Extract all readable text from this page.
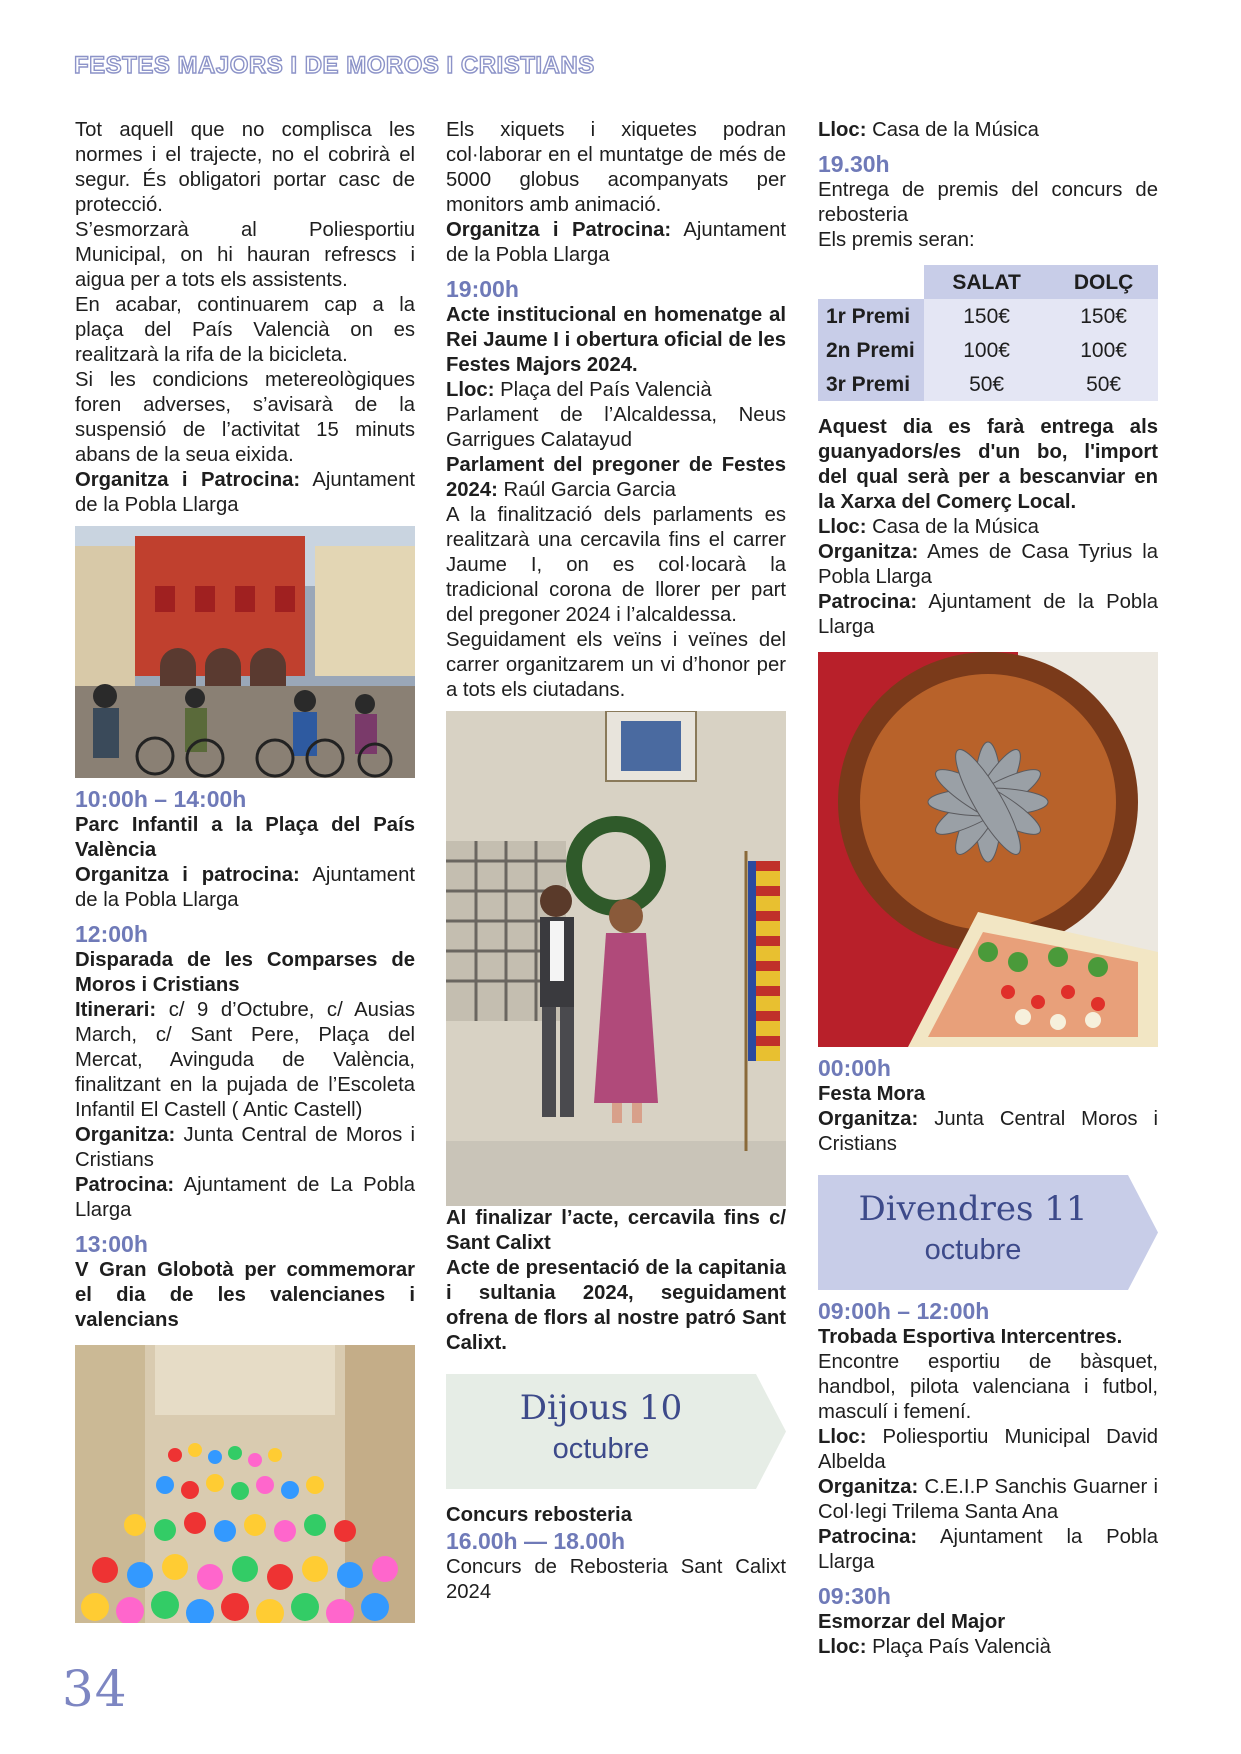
FESTES MAJORS I DE MOROS I CRISTIANS

Tot aquell que no complisca les normes i el trajecte, no el cobrirà el segur. És obligatori portar casc de protecció.

S’esmorzarà al Poliesportiu Municipal, on hi hauran refrescs i aigua per a tots els assistents.

En acabar, continuarem cap a la plaça del País Valencià on es realitzarà la rifa de la bicicleta.

Si les condicions metereològiques foren adverses, s’avisarà de la suspensió de l’activitat 15 minuts abans de la seua eixida.

Organitza i Patrocina: Ajuntament de la Pobla Llarga

10:00h – 14:00h

Parc Infantil a la Plaça del País València

Organitza i patrocina: Ajuntament de la Pobla Llarga

12:00h

Disparada de les Comparses de Moros i Cristians

Itinerari: c/ 9 d’Octubre, c/ Ausias March, c/ Sant Pere, Plaça del Mercat, Avinguda de València, finalitzant en la pujada de l’Escoleta Infantil El Castell ( Antic Castell)

Organitza: Junta Central de Moros i Cristians

Patrocina: Ajuntament de La Pobla Llarga

13:00h

V Gran Globotà per commemorar el dia de les valencianes i valencians

Els xiquets i xiquetes podran col·laborar en el muntatge de més de 5000 globus acompanyats per monitors amb animació.

Organitza i Patrocina: Ajuntament de la Pobla Llarga

19:00h

Acte institucional en homenatge al Rei Jaume I i obertura oficial de les Festes Majors 2024.

Lloc: Plaça del País Valencià

Parlament de l’Alcaldessa, Neus Garrigues Calatayud

Parlament del pregoner de Festes 2024: Raúl Garcia Garcia

A la finalització dels parlaments es realitzarà una cercavila fins el carrer Jaume I, on es col·locarà la tradicional corona de llorer per part del pregoner 2024 i l’alcaldessa.

Seguidament els veïns i veïnes del carrer organitzarem un vi d’honor per a tots els ciutadans.

Al finalizar l’acte, cercavila fins c/ Sant Calixt

Acte de presentació de la capitania i sultania 2024, seguidament ofrena de flors al nostre patró Sant Calixt.

Dijous 10
octubre

Concurs rebosteria

16.00h — 18.00h

Concurs de Rebosteria Sant Calixt 2024

Lloc: Casa de la Música

19.30h

Entrega de premis del concurs de rebosteria

Els premis seran:

	SALAT	DOLÇ
1r Premi	150€	150€
2n Premi	100€	100€
3r Premi	50€	50€

Aquest dia es farà entrega als guanyadors/es d'un bo, l'import del qual serà per a bescanviar en la Xarxa del Comerç Local.

Lloc: Casa de la Música

Organitza: Ames de Casa Tyrius la Pobla Llarga

Patrocina: Ajuntament de la Pobla Llarga

00:00h

Festa Mora

Organitza: Junta Central Moros i Cristians

Divendres 11
octubre
09:00h – 12:00h

Trobada Esportiva Intercentres.

Encontre esportiu de bàsquet, handbol, pilota valenciana i futbol, masculí i femení.

Lloc: Poliesportiu Municipal David Albelda

Organitza: C.E.I.P Sanchis Guarner i Col·legi Trilema Santa Ana

Patrocina: Ajuntament la Pobla Llarga

09:30h

Esmorzar del Major

Lloc: Plaça País Valencià

34
